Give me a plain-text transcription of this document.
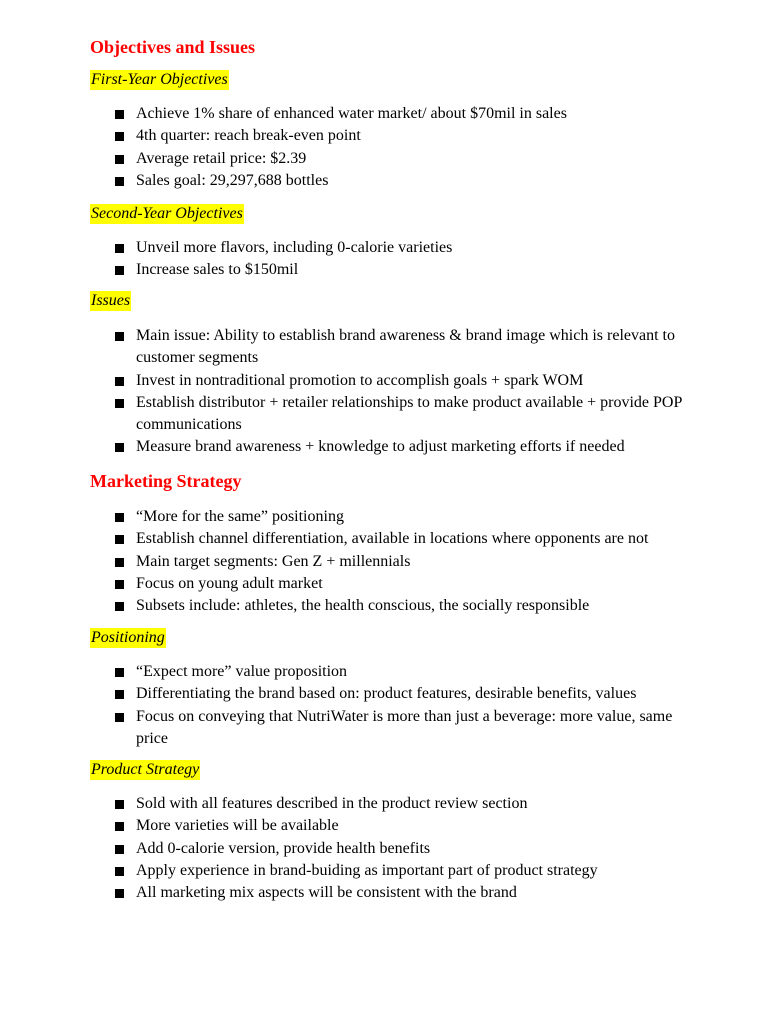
Objectives and Issues
First-Year Objectives
Achieve 1% share of enhanced water market/ about $70mil in sales
4th quarter: reach break-even point
Average retail price: $2.39
Sales goal: 29,297,688 bottles
Second-Year Objectives
Unveil more flavors, including 0-calorie varieties
Increase sales to $150mil
Issues
Main issue: Ability to establish brand awareness & brand image which is relevant to customer segments
Invest in nontraditional promotion to accomplish goals + spark WOM
Establish distributor + retailer relationships to make product available + provide POP communications
Measure brand awareness + knowledge to adjust marketing efforts if needed
Marketing Strategy
“More for the same” positioning
Establish channel differentiation, available in locations where opponents are not
Main target segments: Gen Z + millennials
Focus on young adult market
Subsets include: athletes, the health conscious, the socially responsible
Positioning
“Expect more” value proposition
Differentiating the brand based on: product features, desirable benefits, values
Focus on conveying that NutriWater is more than just a beverage: more value, same price
Product Strategy
Sold with all features described in the product review section
More varieties will be available
Add 0-calorie version, provide health benefits
Apply experience in brand-buiding as important part of product strategy
All marketing mix aspects will be consistent with the brand
